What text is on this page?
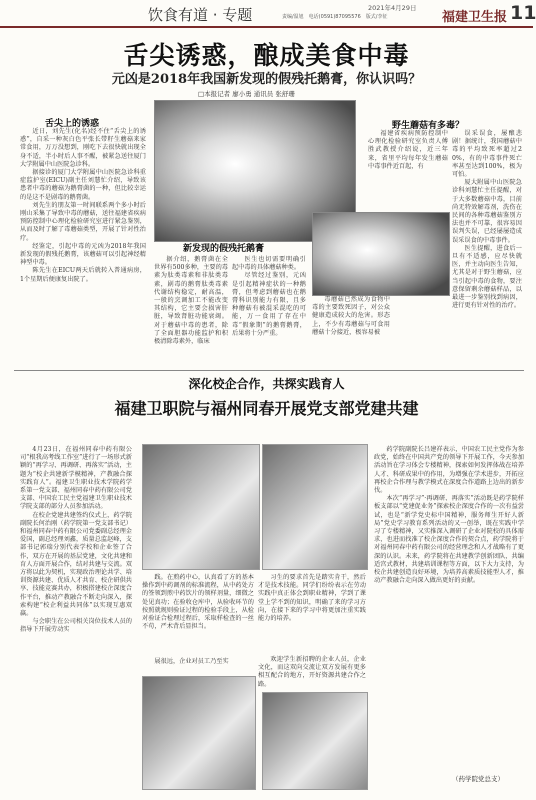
饮食有道 · 专题	2021年4月29日
责编/温旭　电话(0591)87095576　版式/李征	福建卫生报 11
舌尖诱惑，酿成美食中毒
元凶是2018年我国新发现的假残托鹅膏，你认识吗？
□本报记者 廖小勇 通讯员 张舒珊
舌尖上的诱惑

近日，刘先生(化名)经不住“舌尖上的诱惑”，自采一种灰白色平张长带籽生蘑菇来家常食用，万万没想到，刚吃下去很快就出现全身不适，半小时后人事不醒，被紧急送往厦门大学附属中山医院急诊科。

据接诊的厦门大学附属中山医院急诊科重症监护室(EICU)副主任刘慧忙介绍，导致该患者中毒的蘑菇为鹅膏菌的一种，但比较幸运的是这不是剧毒的鹅膏菌。

刘先生的朋友第一时间联系两个多小时后刚山采集了导致中毒的蘑菇，送往福建省疾病预防控制中心理化检验研究室进行紧急鉴别，从而及时了解了毒蘑菇类型，开展了针对性治疗。

经鉴定，引起中毒的元凶为2018年我国新发现的假残托鹅膏，该蘑菇可以引起神经精神型中毒。

陈先生在EICU两天后就转入普通病房，1个星期后便康复出院了。

新发现的假残托鹅膏

据介绍，鹅膏菌在全世界有500多种，主要的毒素为肽类毒素和非肽类毒素，剧毒的鹅膏肽类毒素代谢结构稳定，耐高温，一般的烹调加工不能改变其结构，它主要会损害肝脏，导致肾脏功能衰竭。对于蘑菇中毒的患者，除了全面胆器功能监护和积极清除毒素外，临床

医生也切需要明确引起中毒的具体蘑菇种类。

尽管经过鉴别，元凶是引起精神症状的一种鹅膏，但考虑到蘑菇也在鹅膏科识别能力有限，且多种蘑菇有被混采混吃的可能，万一食用了存在中毒“假象期”的鹅膏鹅膏，后果将十分严重。

毒蘑菇已然成为食物中毒的主要致死因子，对公众健康造成较大的危害。形态上，不少有毒蘑菇与可食用蘑菇十分接近，极容易被

野生蘑菇有多毒？

福建省疾病预防控制中心理化检验研究室负责人傅胜武教授介绍说，近三年来，省里平均每年发生蘑菇中毒事件近百起，有

误采误食，屡酿悲剧！据统计，我国蘑菇中毒的平均致死率超过20%，有的中毒事件死亡率甚至达到100%，极为可怕。

厦大附属中山医院急诊科刘慧忙主任提醒，对于大多数蘑菇中毒，目前尚无特效解毒剂，洗伤在民间的各种毒蘑菇鉴别方法也并不可靠，很容易因误判失误，已经屡屡造成误采误食的中毒事件。

医生提醒，进食后一旦有不适感，应尽快就医，并主动向医生告知，尤其是对于野生蘑菇，应当引起中毒的食物，要注意保留剩余蘑菇样品，以最进一步鉴别找到病因，进行更有针对性的治疗。

深化校企合作，共探实践育人
福建卫职院与福州同春开展党支部党建共建

4月23日，在福州同春中药有限公司“根我高考线工作室”进行了一场形式新颖的“再学习、再调研、再落实”活动，主题为“校企共建新学模精神，产教融合探实践育人”。福建卫生职业技术学院药学系第一党支部、福州同春中药有限公司党支部、中国农工民主党福建卫生职业技术学院支部的部分人员参加活动。

在校企党建共建签约仪式上，药学院副院长何治刚（药学院第一党支部书记）和福州同春中药有限公司党委副总经理金爱国，副总经理刘鑫，质量总监赵峰，支部书记郭瑞分别代表学校和企业签了合作，双方在开展的基层党建，文化共建和育人方面开展合作，结对共建与交流。双方将以此为契机，实现政治理论共学、培训资源共建、优质人才共育、校企研供共享、技能竞赛共办，积极搭建校企深度合作平台，推动产教融合不断走向深入，探索构建“校企利益共同体”以实现互惠双赢。

与会职生在公司相关岗位技术人员的指导下开展劳动实

践。在煎药中心，认真看了方的基本操作到中药调剂的标准流程，从中药处方的签领到煎中药饮片的领样剂量，细微之处见真功；在验收仓库中，从验收环节的按照就规则验证过程的检验手段上，从检对验证合检理过程后，采取样检查的一丝不苟，严术背后显担当。

习生的要求首先是踏实肯干，然后才是技术技能。同学们纷纷表示在劳动实践中真正体会到职业精神，学到了课堂上学不到的知识，明确了来的学习方向，在接下来的学习中将更加注重实践能力的培养。

展很远，企业对员工乃至实	欢迎学生新招聘的企业人员，企业文化，而这双向交流让双方发展有更多相互配合的地方，开好资源共建合作之路。

药学院副院长吕建祥表示，中国农工民主党作为参政党，始终在中国共产党的领导下开展工作，今天参加活动旨在学习体会专楼精神，探索如何发挥体战在培养人才、科研成果中的作用，为增强在学术进步，开拓应再校企合作理与教学模式在深度合作道路上边出的新步伐。

本次“再学习”·再调研、再落实”活动既是药学院样板支部以“党建促业务”探索校企深度合作的一次有益尝试，也是“新学党史标中国精神，服务师生开好人新局”党史学习教育系列活动的又一创举，既在实践中学习了专楼精神，又实推深入调研了企业对院校的具体需求，也进而找准了校企深度合作的契合点，药学院将于对福州同春中药有限公司的经营理念和人才战略有了更深的认识。未来，药学院将在共建教学创新团队，共编适宫式教材，共建培训课程等方面，以下大力支持，为校企共建创造良好环境，为培养高素质技能型人才，推动产教融合走向深入做出更好的贡献。

（药学院党总支）
